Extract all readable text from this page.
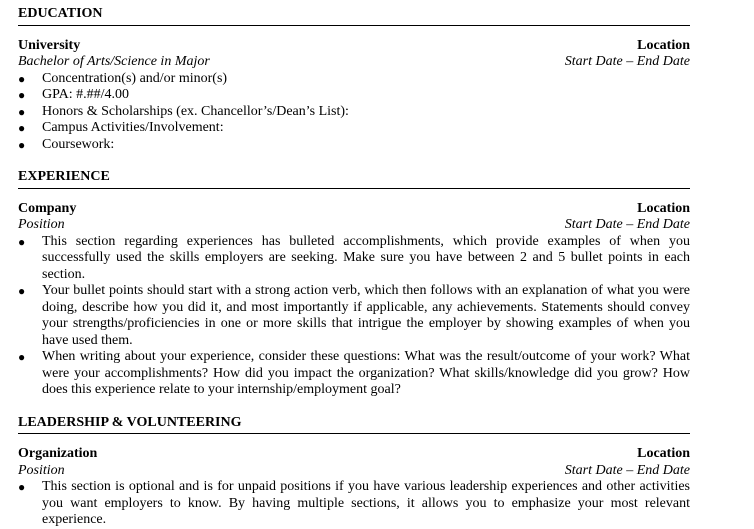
EDUCATION
University	Location
Bachelor of Arts/Science in Major	Start Date – End Date
●	Concentration(s) and/or minor(s)
●	GPA: #.##/4.00
●	Honors & Scholarships (ex. Chancellor’s/Dean’s List):
●	Campus Activities/Involvement:
●	Coursework:
EXPERIENCE
Company	Location
Position	Start Date – End Date
●	This section regarding experiences has bulleted accomplishments, which provide examples of when you successfully used the skills employers are seeking. Make sure you have between 2 and 5 bullet points in each section.
●	Your bullet points should start with a strong action verb, which then follows with an explanation of what you were doing, describe how you did it, and most importantly if applicable, any achievements. Statements should convey your strengths/proficiencies in one or more skills that intrigue the employer by showing examples of when you have used them.
●	When writing about your experience, consider these questions: What was the result/outcome of your work? What were your accomplishments? How did you impact the organization? What skills/knowledge did you grow? How does this experience relate to your internship/employment goal?
LEADERSHIP & VOLUNTEERING
Organization	Location
Position	Start Date – End Date
●	This section is optional and is for unpaid positions if you have various leadership experiences and other activities you want employers to know. By having multiple sections, it allows you to emphasize your most relevant experience.
